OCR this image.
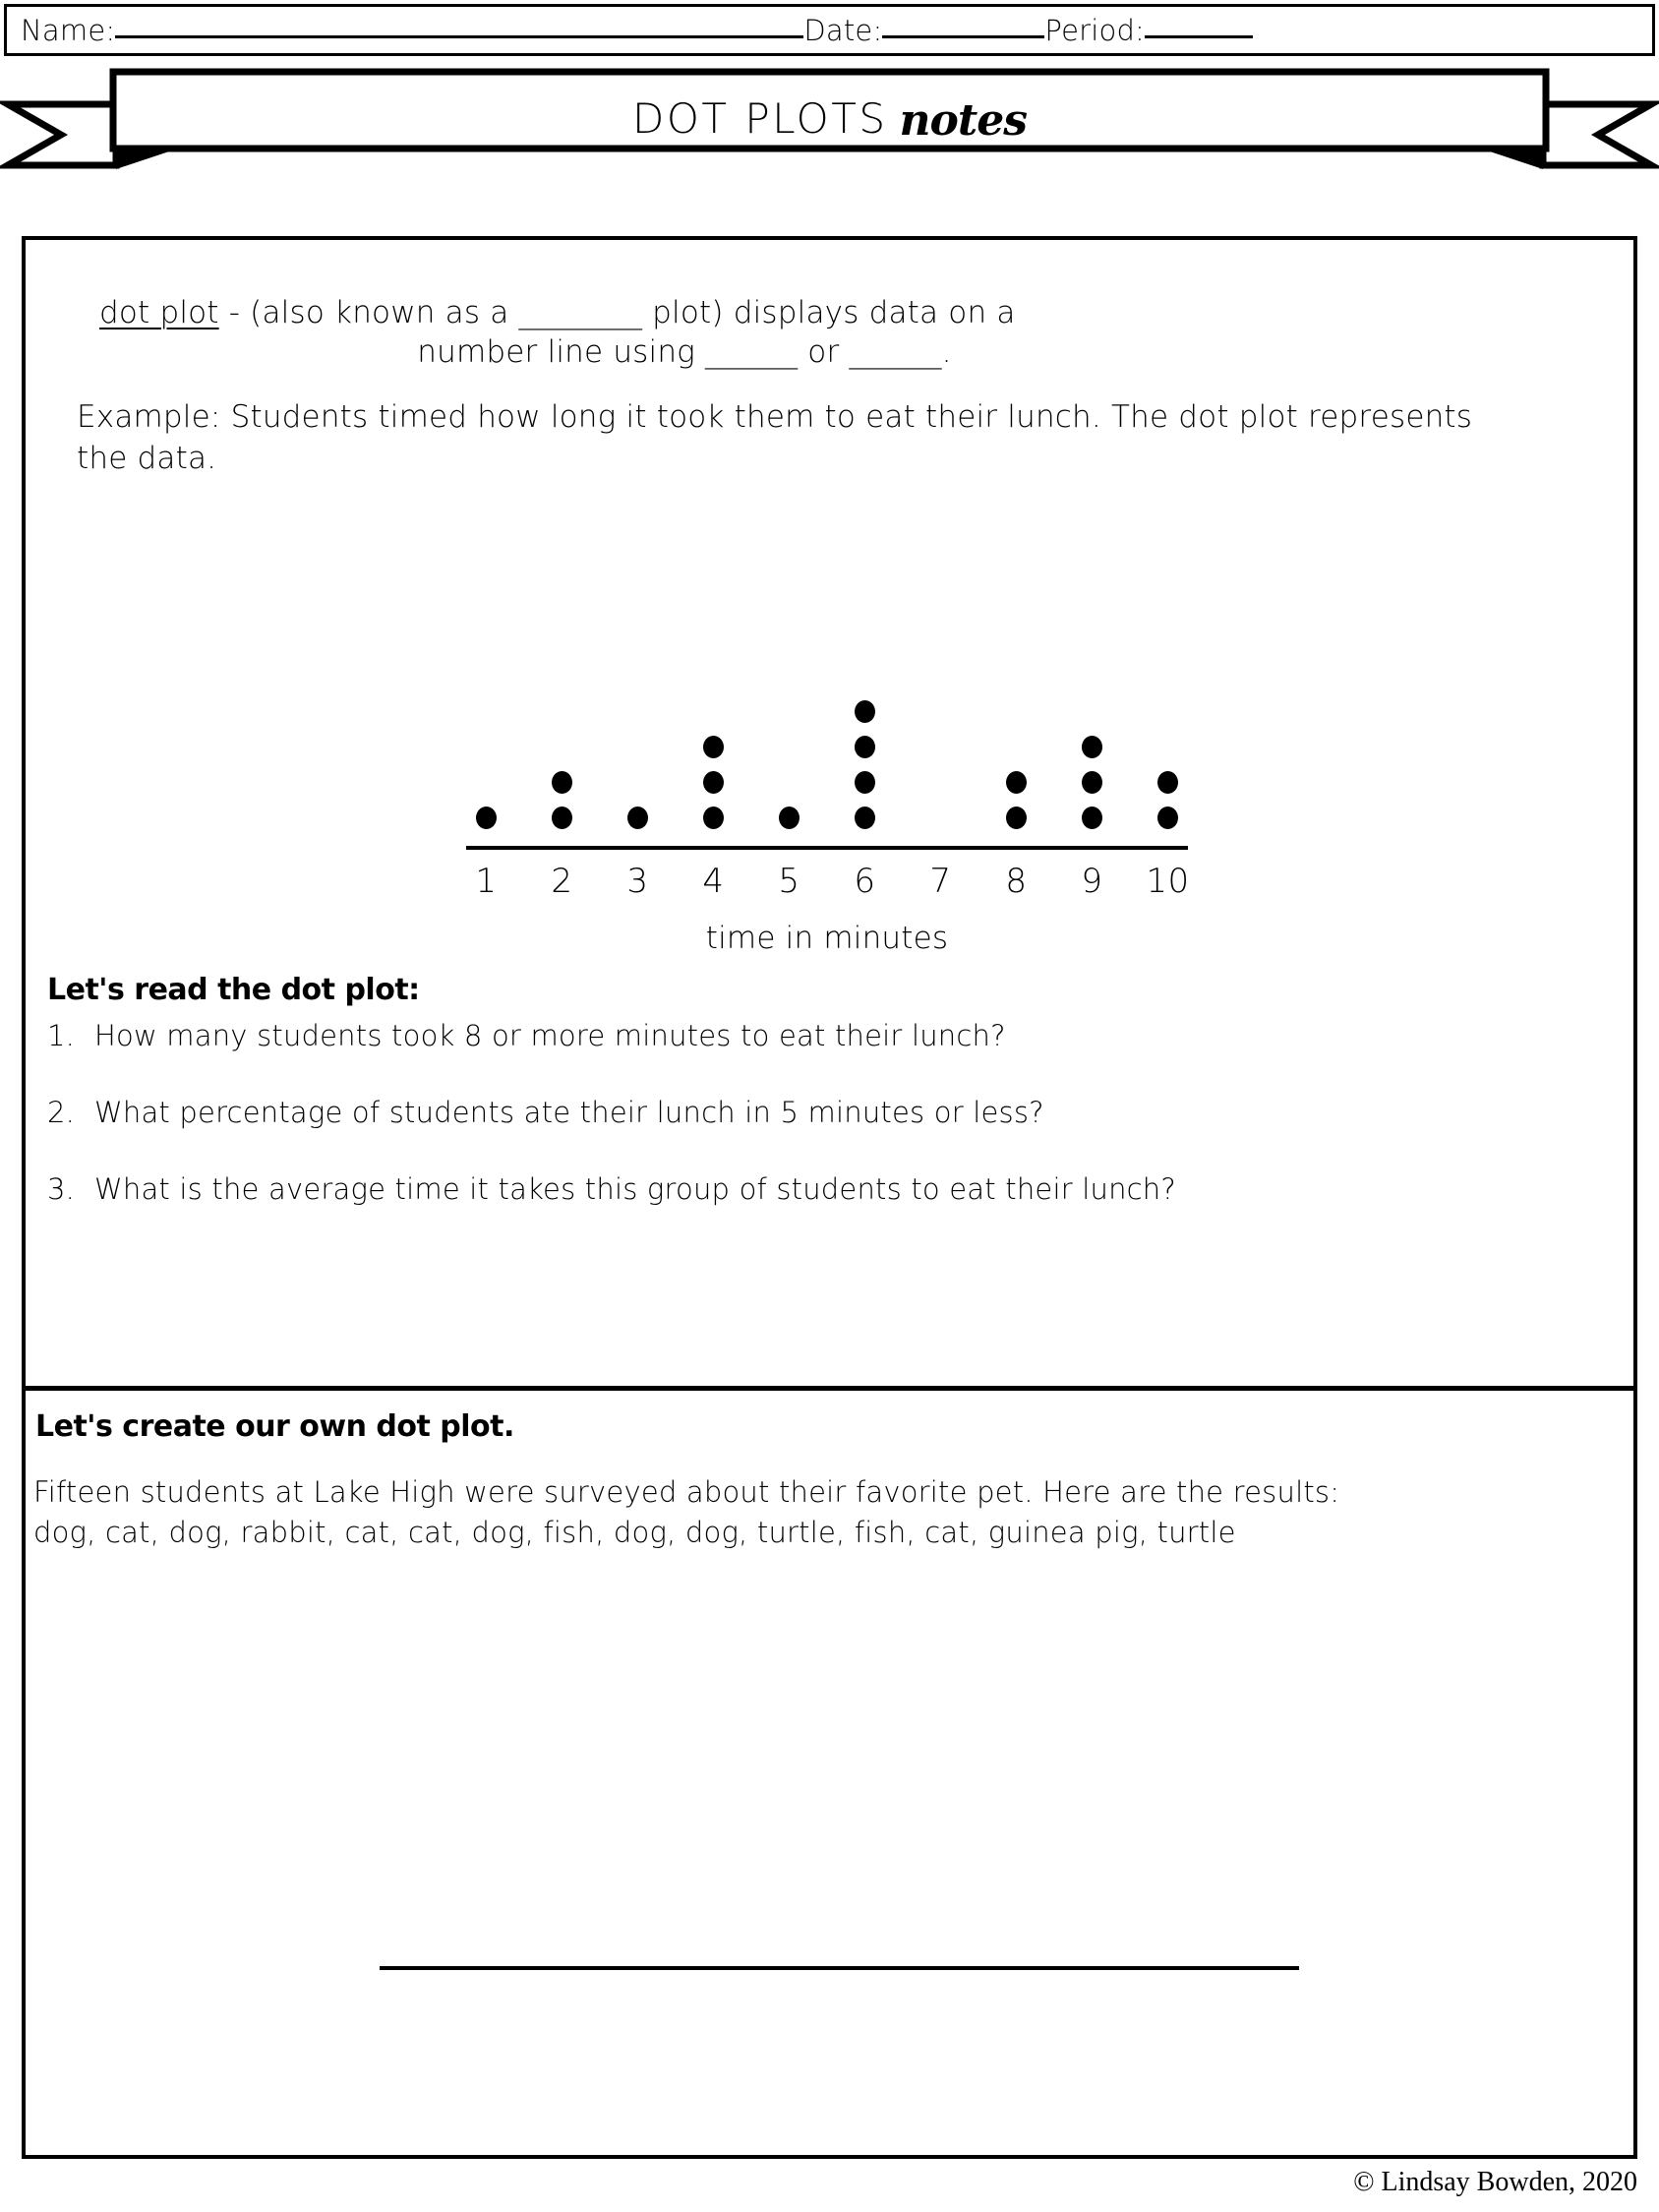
Name:	Date:	Period:
DOT PLOTS notes
dot plot - (also known as a ________ plot) displays data on a
number line using ______ or ______.
Example: Students timed how long it took them to eat their lunch. The dot plot represents the data.
1	2	3	4	5	6	7	8	9	10
time in minutes
Let's read the dot plot:
1. How many students took 8 or more minutes to eat their lunch?
2. What percentage of students ate their lunch in 5 minutes or less?
3. What is the average time it takes this group of students to eat their lunch?
Let's create our own dot plot.
Fifteen students at Lake High were surveyed about their favorite pet. Here are the results:
dog, cat, dog, rabbit, cat, cat, dog, fish, dog, dog, turtle, fish, cat, guinea pig, turtle
© Lindsay Bowden, 2020
